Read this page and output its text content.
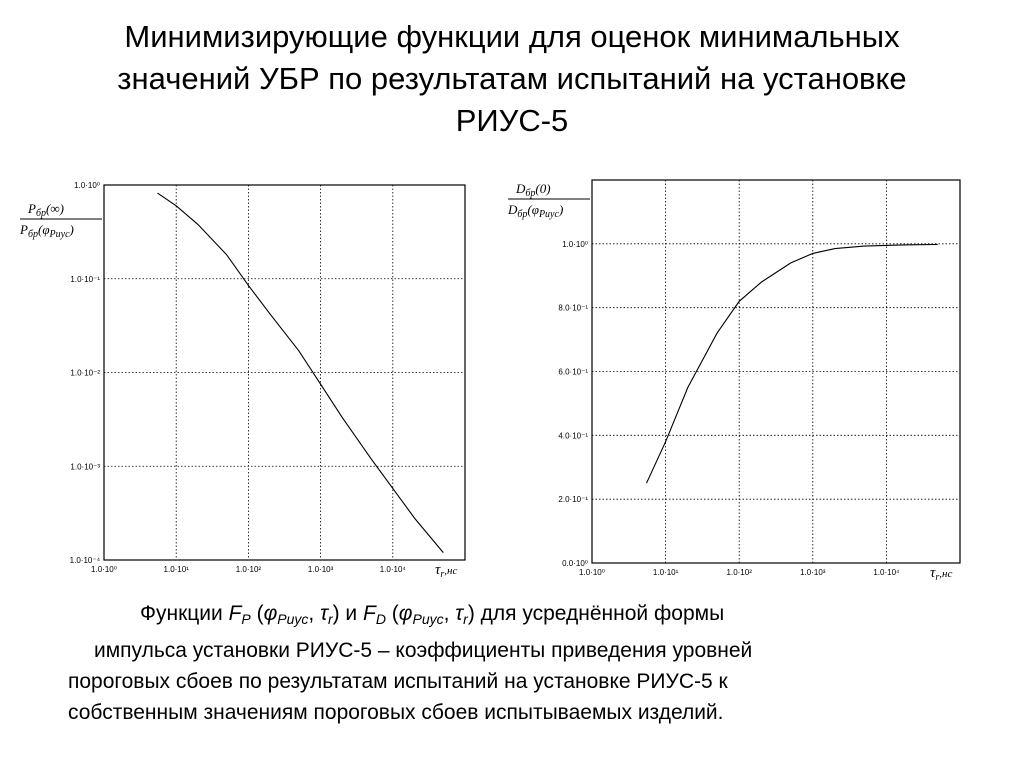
Минимизирующие функции для оценок минимальных
значений УБР по результатам испытаний на установке
РИУС-5
1.0·10⁰	1.0·10¹	1.0·10²	1.0·10³	1.0·10⁴
1.0·10⁰
1.0·10⁻¹
1.0·10⁻²
1.0·10⁻³
1.0·10⁻⁴
$\tau_r^{,нс}$
$P_{бр}(\infty)$
$P_{бр}(\varphi_{Риус})$
1.0·10⁰	1.0·10¹	1.0·10²	1.0·10³	1.0·10⁴
0.0·10⁰
2.0·10⁻¹
4.0·10⁻¹
6.0·10⁻¹
8.0·10⁻¹
1.0·10⁰
$\tau_r^{,нс}$
$D_{бр}(0)$
$D_{бр}(\varphi_{Риус})$
Функции $F_P$ ($\varphi_{Риус}$, $\tau_r$) и $F_D$ ($\varphi_{Риус}$, $\tau_r$) для усреднённой формы
импульса установки РИУС-5 – коэффициенты приведения уровней
пороговых сбоев по результатам испытаний на установке РИУС-5 к
собственным значениям пороговых сбоев испытываемых изделий.
